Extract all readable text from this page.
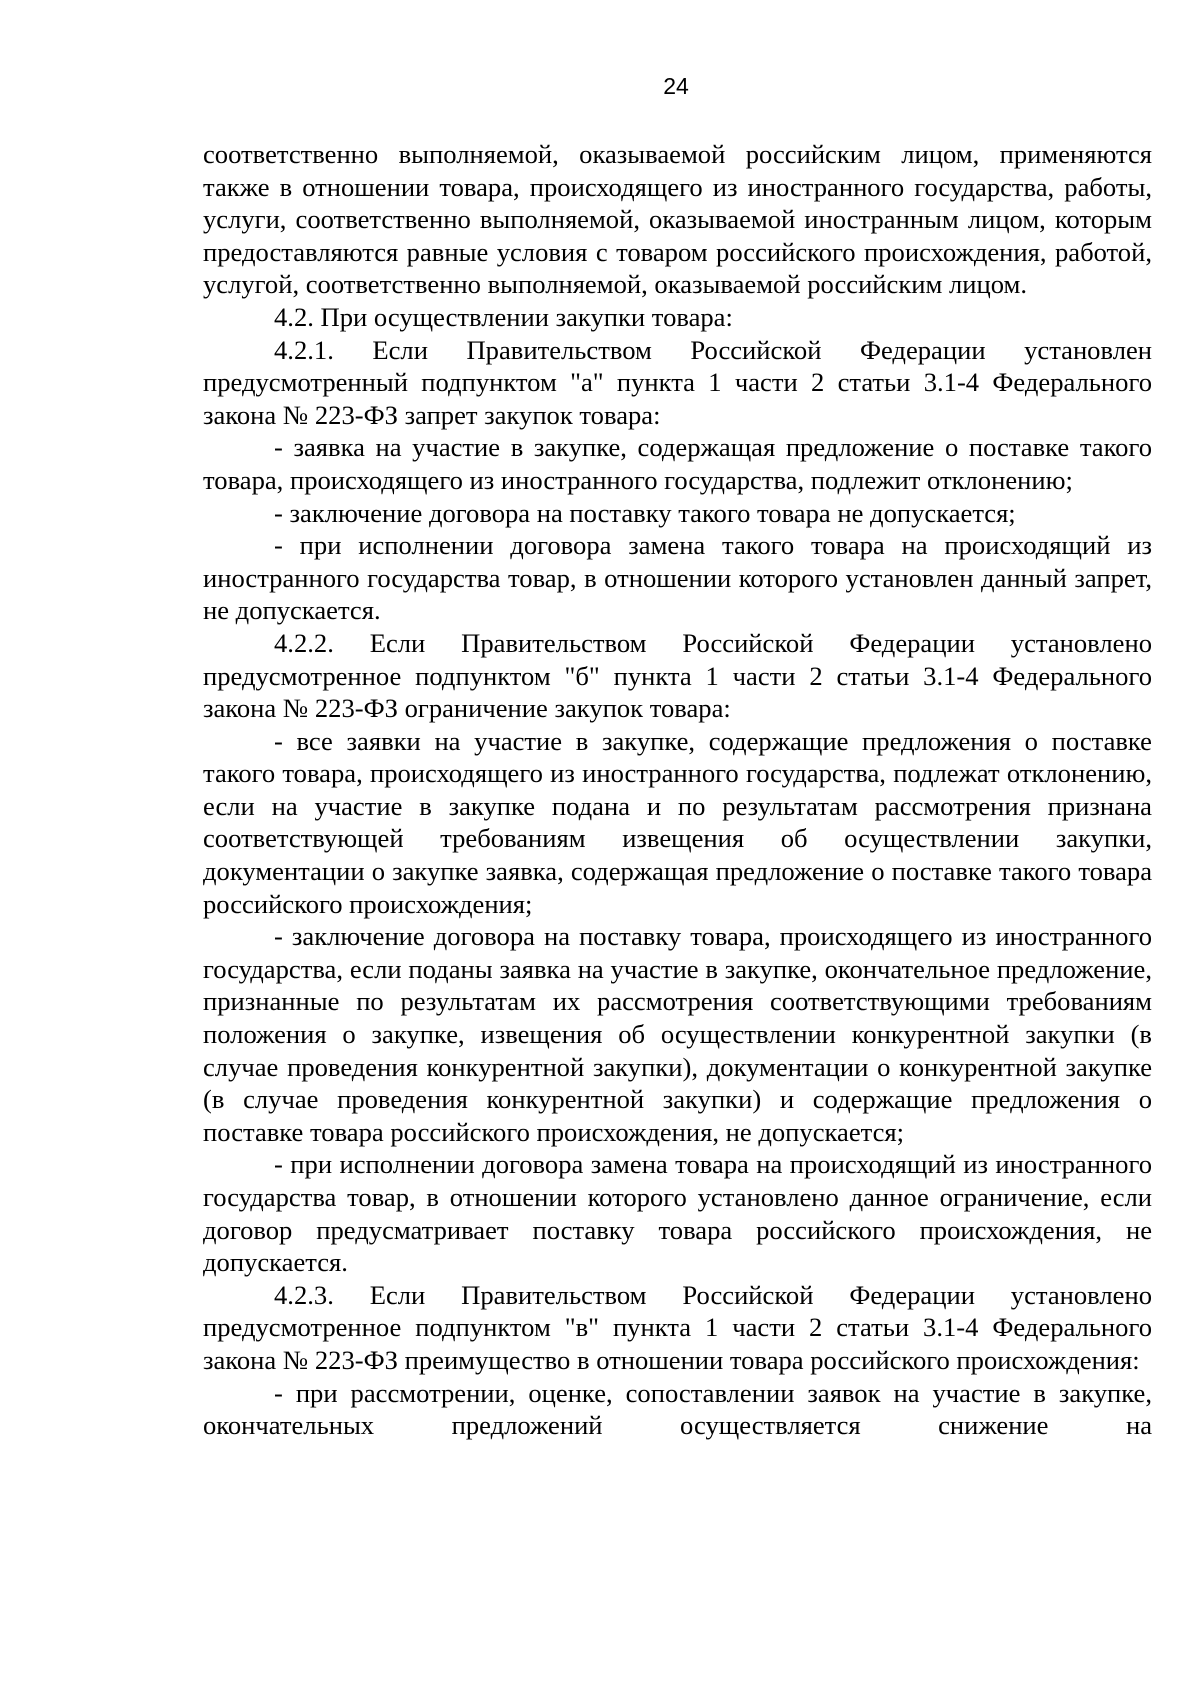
24

соответственно выполняемой, оказываемой российским лицом, применяются также в отношении товара, происходящего из иностранного государства, работы, услуги, соответственно выполняемой, оказываемой иностранным лицом, которым предоставляются равные условия с товаром российского происхождения, работой, услугой, соответственно выполняемой, оказываемой российским лицом.

4.2. При осуществлении закупки товара:

4.2.1. Если Правительством Российской Федерации установлен предусмотренный подпунктом "а" пункта 1 части 2 статьи 3.1-4 Федерального закона № 223-ФЗ запрет закупок товара:

- заявка на участие в закупке, содержащая предложение о поставке такого товара, происходящего из иностранного государства, подлежит отклонению;

- заключение договора на поставку такого товара не допускается;

- при исполнении договора замена такого товара на происходящий из иностранного государства товар, в отношении которого установлен данный запрет, не допускается.

4.2.2. Если Правительством Российской Федерации установлено предусмотренное подпунктом "б" пункта 1 части 2 статьи 3.1-4 Федерального закона № 223-ФЗ ограничение закупок товара:

- все заявки на участие в закупке, содержащие предложения о поставке такого товара, происходящего из иностранного государства, подлежат отклонению, если на участие в закупке подана и по результатам рассмотрения признана соответствующей требованиям извещения об осуществлении закупки, документации о закупке заявка, содержащая предложение о поставке такого товара российского происхождения;

- заключение договора на поставку товара, происходящего из иностранного государства, если поданы заявка на участие в закупке, окончательное предложение, признанные по результатам их рассмотрения соответствующими требованиям положения о закупке, извещения об осуществлении конкурентной закупки (в случае проведения конкурентной закупки), документации о конкурентной закупке (в случае проведения конкурентной закупки) и содержащие предложения о поставке товара российского происхождения, не допускается;

- при исполнении договора замена товара на происходящий из иностранного государства товар, в отношении которого установлено данное ограничение, если договор предусматривает поставку товара российского происхождения, не допускается.

4.2.3. Если Правительством Российской Федерации установлено предусмотренное подпунктом "в" пункта 1 части 2 статьи 3.1-4 Федерального закона № 223-ФЗ преимущество в отношении товара российского происхождения:

- при рассмотрении, оценке, сопоставлении заявок на участие в закупке, окончательных предложений осуществляется снижение на
